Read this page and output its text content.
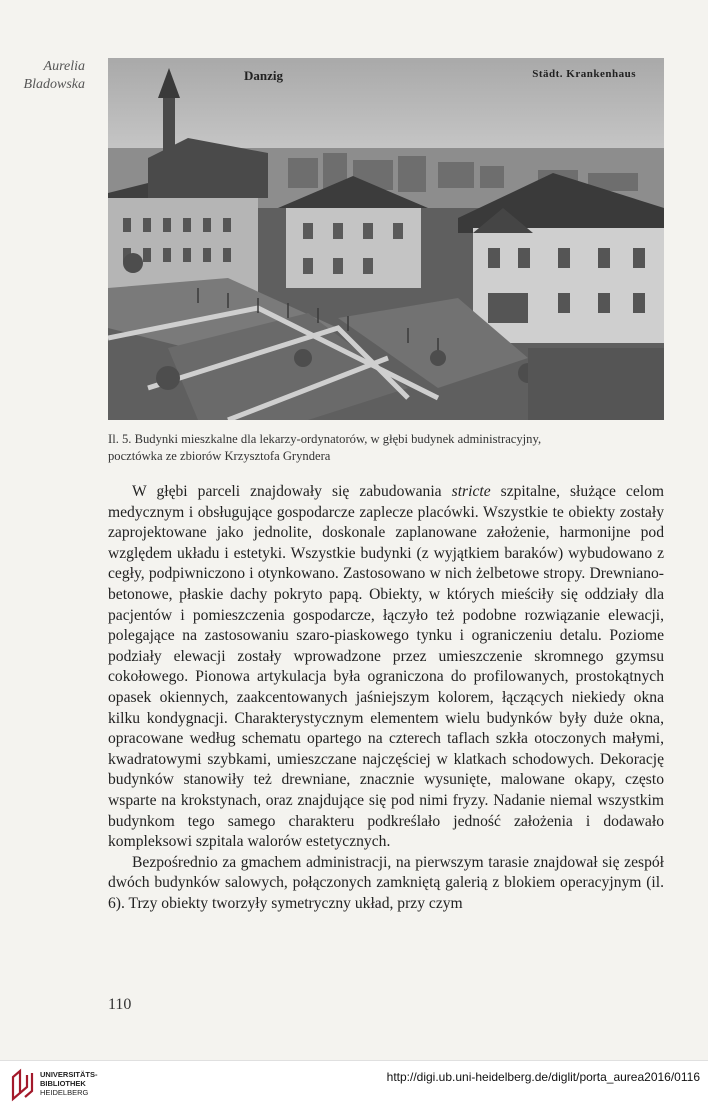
Aurelia
Bladowska
Danzig	Städt. Krankenhaus
Il. 5. Budynki mieszkalne dla lekarzy-ordynatorów, w głębi budynek administracyjny,
pocztówka ze zbiorów Krzysztofa Gryndera

W głębi parceli znajdowały się zabudowania stricte szpitalne, służące celom medycznym i obsługujące gospodarcze zaplecze placówki. Wszystkie te obiekty zostały zaprojektowane jako jednolite, doskonale zaplanowane założenie, harmonijne pod względem układu i estetyki. Wszystkie budynki (z wyjątkiem baraków) wybudowano z cegły, podpiwniczono i otynkowano. Zastosowano w nich żelbetowe stropy. Drewniano-betonowe, płaskie dachy pokryto papą. Obiekty, w których mieściły się oddziały dla pacjentów i pomieszczenia gospodarcze, łączyło też podobne rozwiązanie elewacji, polegające na zastosowaniu szaro-piaskowego tynku i ograniczeniu detalu. Poziome podziały elewacji zostały wprowadzone przez umieszczenie skromnego gzymsu cokołowego. Pionowa artykulacja była ograniczona do profilowanych, prostokątnych opasek okiennych, zaakcentowanych jaśniejszym kolorem, łączących niekiedy okna kilku kondygnacji. Charakterystycznym elementem wielu budynków były duże okna, opracowane według schematu opartego na czterech taflach szkła otoczonych małymi, kwadratowymi szybkami, umieszczane najczęściej w klatkach schodowych. Dekorację budynków stanowiły też drewniane, znacznie wysunięte, malowane okapy, często wsparte na krokstynach, oraz znajdujące się pod nimi fryzy. Nadanie niemal wszystkim budynkom tego samego charakteru podkreślało jedność założenia i dodawało kompleksowi szpitala walorów estetycznych.

Bezpośrednio za gmachem administracji, na pierwszym tarasie znajdował się zespół dwóch budynków salowych, połączonych zamkniętą galerią z blokiem operacyjnym (il. 6). Trzy obiekty tworzyły symetryczny układ, przy czym

110
UNIVERSITÄTS-
BIBLIOTHEK
HEIDELBERG
http://digi.ub.uni-heidelberg.de/diglit/porta_aurea2016/0116
